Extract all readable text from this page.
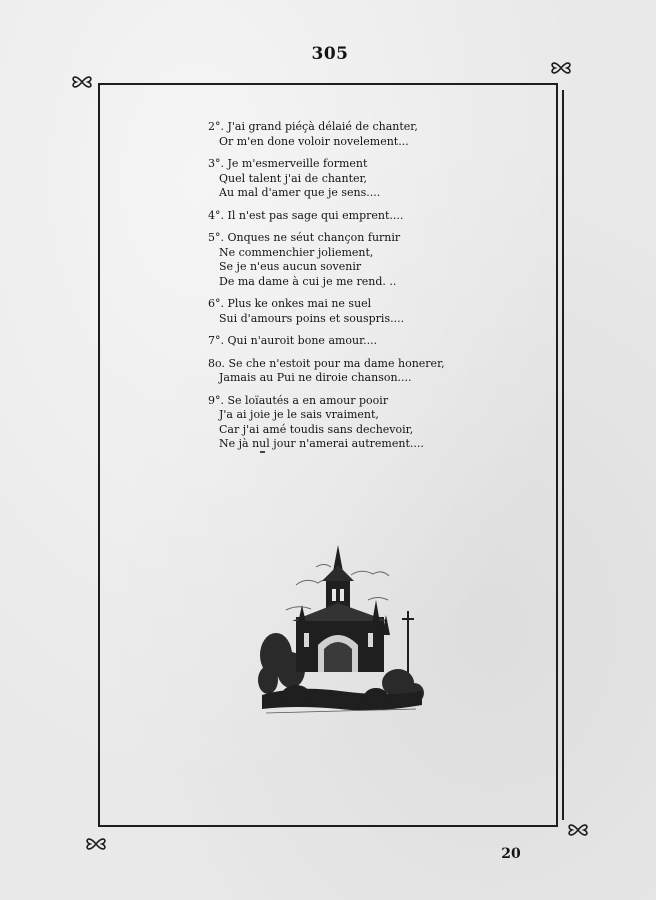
305
2°. J'ai grand piéçà délaié de chanter,
Or m'en done voloir novelement...
3°. Je m'esmerveille forment
Quel talent j'ai de chanter,
Au mal d'amer que je sens....
4°. Il n'est pas sage qui emprent....
5°. Onques ne séut chançon furnir
Ne commenchier joliement,
Se je n'eus aucun sovenir
De ma dame à cui je me rend. ..
6°. Plus ke onkes mai ne suel
Sui d'amours poins et souspris....
7°. Qui n'auroit bone amour....
8o. Se che n'estoit pour ma dame honerer,
Jamais au Pui ne diroie chanson....
9°. Se loïautés a en amour pooir
J'a ai joie je le sais vraiment,
Car j'ai amé toudis sans dechevoir,
Ne jà nul jour n'amerai autrement....
20
